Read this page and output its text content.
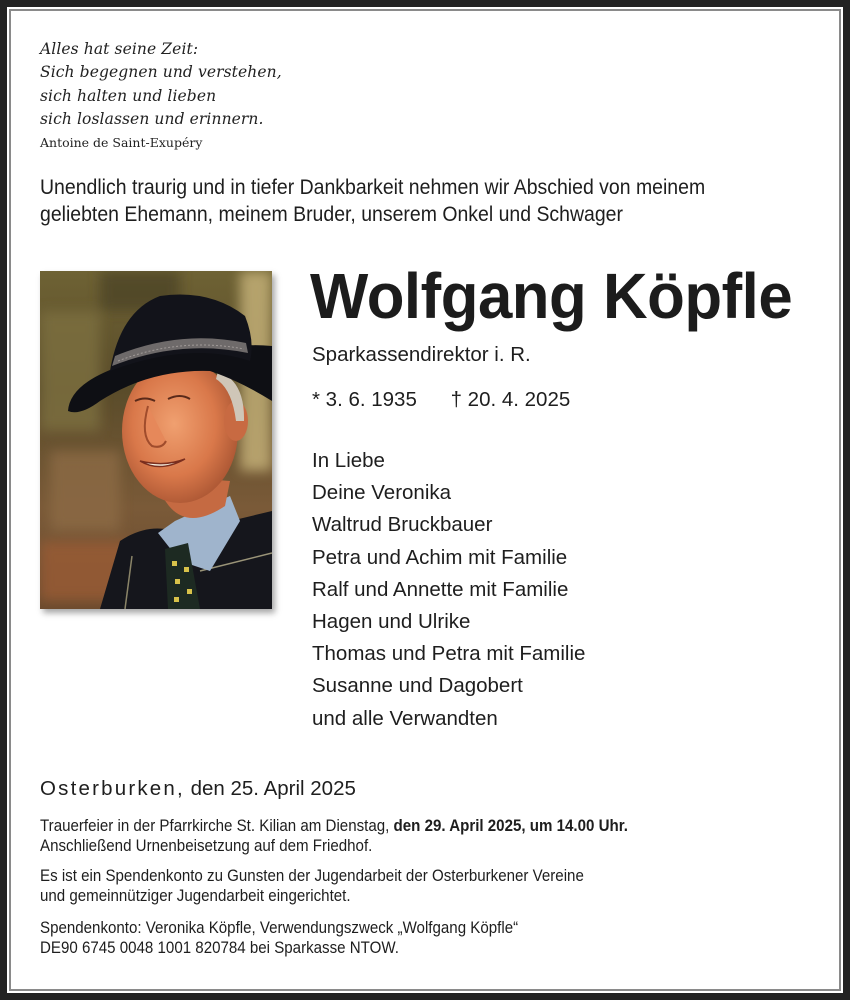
Alles hat seine Zeit:
Sich begegnen und verstehen,
sich halten und lieben
sich loslassen und erinnern.
Antoine de Saint-Exupéry
Unendlich traurig und in tiefer Dankbarkeit nehmen wir Abschied von meinem
geliebten Ehemann, meinem Bruder, unserem Onkel und Schwager
Wolfgang Köpfle
Sparkassendirektor i. R.
* 3. 6. 1935 † 20. 4. 2025
In Liebe
Deine Veronika
Waltrud Bruckbauer
Petra und Achim mit Familie
Ralf und Annette mit Familie
Hagen und Ulrike
Thomas und Petra mit Familie
Susanne und Dagobert
und alle Verwandten
Osterburken, den 25. April 2025
Trauerfeier in der Pfarrkirche St. Kilian am Dienstag, den 29. April 2025, um 14.00 Uhr.
Anschließend Urnenbeisetzung auf dem Friedhof.
Es ist ein Spendenkonto zu Gunsten der Jugendarbeit der Osterburkener Vereine
und gemeinnütziger Jugendarbeit eingerichtet.
Spendenkonto: Veronika Köpfle, Verwendungszweck „Wolfgang Köpfle“
DE90 6745 0048 1001 820784 bei Sparkasse NTOW.
